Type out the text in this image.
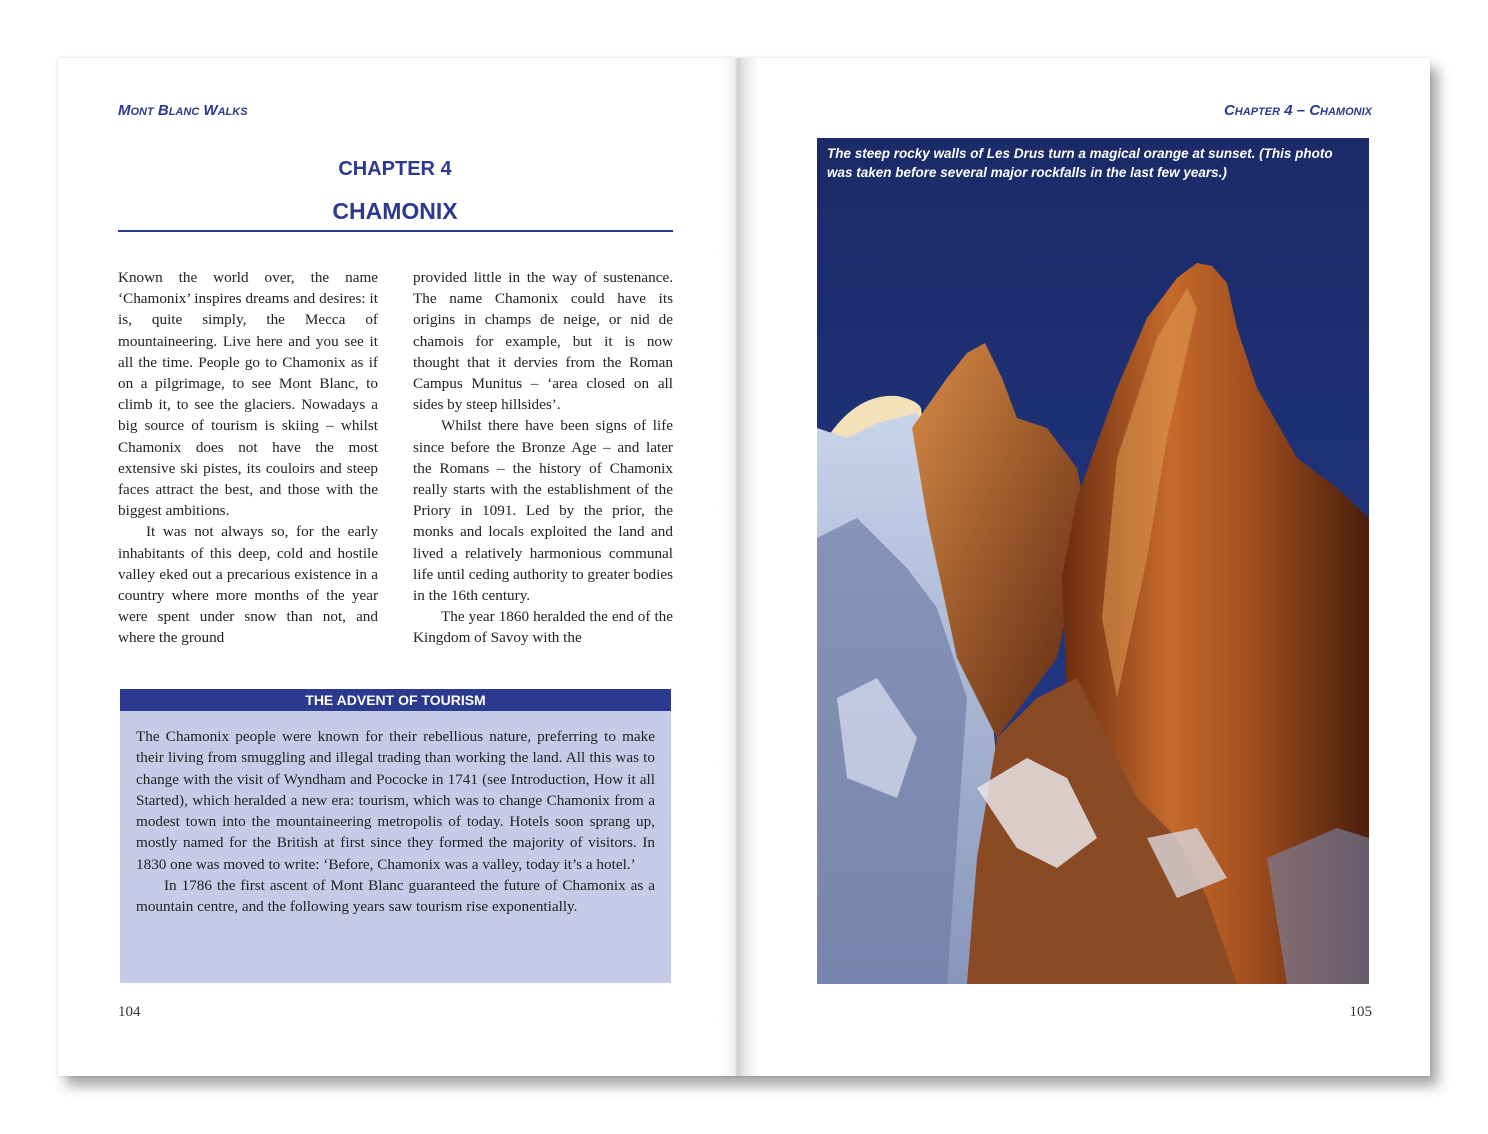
Mont Blanc Walks

CHAPTER 4
CHAMONIX

Known the world over, the name ‘Chamonix’ inspires dreams and desires: it is, quite simply, the Mecca of mountaineering. Live here and you see it all the time. People go to Chamonix as if on a pilgrimage, to see Mont Blanc, to climb it, to see the glaciers. Nowadays a big source of tourism is skiing – whilst Chamonix does not have the most extensive ski pistes, its couloirs and steep faces attract the best, and those with the biggest ambitions.

It was not always so, for the early inhabitants of this deep, cold and hostile valley eked out a precarious existence in a country where more months of the year were spent under snow than not, and where the ground

provided little in the way of sustenance. The name Chamonix could have its origins in champs de neige, or nid de chamois for example, but it is now thought that it dervies from the Roman Campus Munitus – ‘area closed on all sides by steep hillsides’.

Whilst there have been signs of life since before the Bronze Age – and later the Romans – the history of Chamonix really starts with the establishment of the Priory in 1091. Led by the prior, the monks and locals exploited the land and lived a relatively harmonious communal life until ceding authority to greater bodies in the 16th century.

The year 1860 heralded the end of the Kingdom of Savoy with the

THE ADVENT OF TOURISM

The Chamonix people were known for their rebellious nature, preferring to make their living from smuggling and illegal trading than working the land. All this was to change with the visit of Wyndham and Pococke in 1741 (see Introduction, How it all Started), which heralded a new era: tourism, which was to change Chamonix from a modest town into the mountaineering metropolis of today. Hotels soon sprang up, mostly named for the British at first since they formed the majority of visitors. In 1830 one was moved to write: ‘Before, Chamonix was a valley, today it’s a hotel.’

In 1786 the first ascent of Mont Blanc guaranteed the future of Chamonix as a mountain centre, and the following years saw tourism rise exponentially.

104

Chapter 4 – Chamonix

The steep rocky walls of Les Drus turn a magical orange at sunset. (This photo was taken before several major rockfalls in the last few years.)

105
